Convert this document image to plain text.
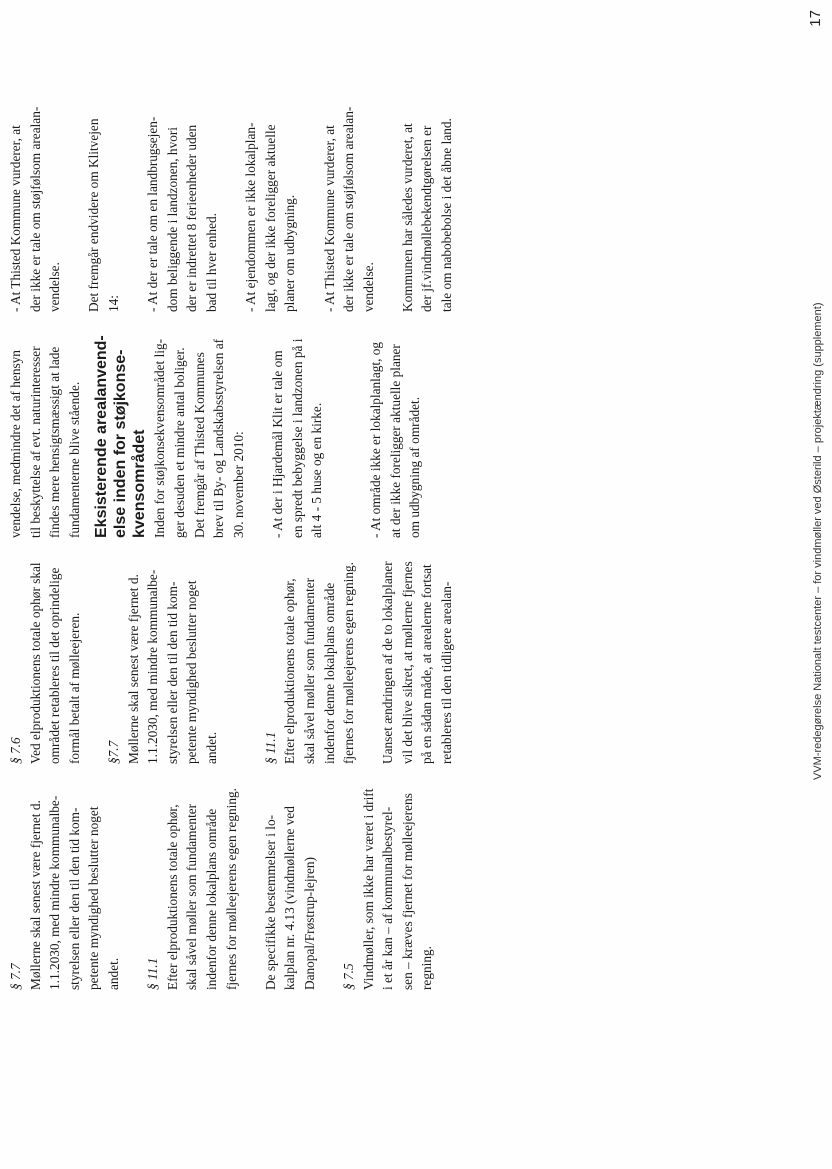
§ 7.7 Møllerne skal senest være fjernet d.
1.1.2030, med mindre kommunalbe-
styrelsen eller den til den tid kom-
petente myndighed beslutter noget
andet. § 11.1 Efter elproduktionens totale ophør,
skal såvel møller som fundamenter
indenfor denne lokalplans område
fjernes for mølleejerens egen regning.

De specifikke bestemmelser i lo-
kalplan nr. 4.13 (vindmøllerne ved
Danopal/Frøstrup-lejren) § 7.5 Vindmøller, som ikke har været i drift
i et år kan – af kommunalbestyrel-
sen – kræves fjernet for mølleejerens
regning.

§ 7.6 Ved elproduktionens totale ophør skal
området retableres til det oprindelige
formål betalt af mølleejeren.

§7.7 Møllerne skal senest være fjernet d.
1.1.2030, med mindre kommunalbe-
styrelsen eller den til den tid kom-
petente myndighed beslutter noget
andet.	§ 11.1 Efter elproduktionens totale ophør,
skal såvel møller som fundamenter
indenfor denne lokalplans område
fjernes for mølleejerens egen regning.

Uanset ændringen af de to lokalplaner
vil det blive sikret, at møllerne fjernes
på en sådan måde, at arealerne fortsat
retableres til den tidligere arealan-

vendelse, medmindre det af hensyn
til beskyttelse af evt. naturinteresser
findes mere hensigtsmæssigt at lade
fundamenterne blive stående.

Eksisterende arealanvend-
else inden for støjkonse-
kvensområdet Inden for støjkonsekvensområdet lig-
ger desuden et mindre antal boliger.
Det fremgår af Thisted Kommunes
brev til By- og Landskabsstyrelsen af
30. november 2010:

- At der i Hjardemål Klit er tale om
en spredt bebyggelse i landzonen på i
alt 4 - 5 huse og en kirke.

- At område ikke er lokalplanlagt, og
at der ikke foreligger aktuelle planer
om udbygning af området.

- At Thisted Kommune vurderer, at
der ikke er tale om støjfølsom arealan-
vendelse. Det fremgår endvidere om Klitvejen 14: - At der er tale om en landbrugsejen-
dom beliggende i landzonen, hvori
der er indrettet 8 ferieenheder uden
bad til hver enhed.

- At ejendommen er ikke lokalplan-
lagt, og der ikke foreligger aktuelle
planer om udbygning.

- At Thisted Kommune vurderer, at
der ikke er tale om støjfølsom arealan-
vendelse. Kommunen har således vurderet, at
der jf.vindmøllebekendtgørelsen er
tale om nabobebolse i det åbne land.

VVM-redegørelse Nationalt testcenter – for vindmøller ved Østerild – projektændring (supplement)
17
